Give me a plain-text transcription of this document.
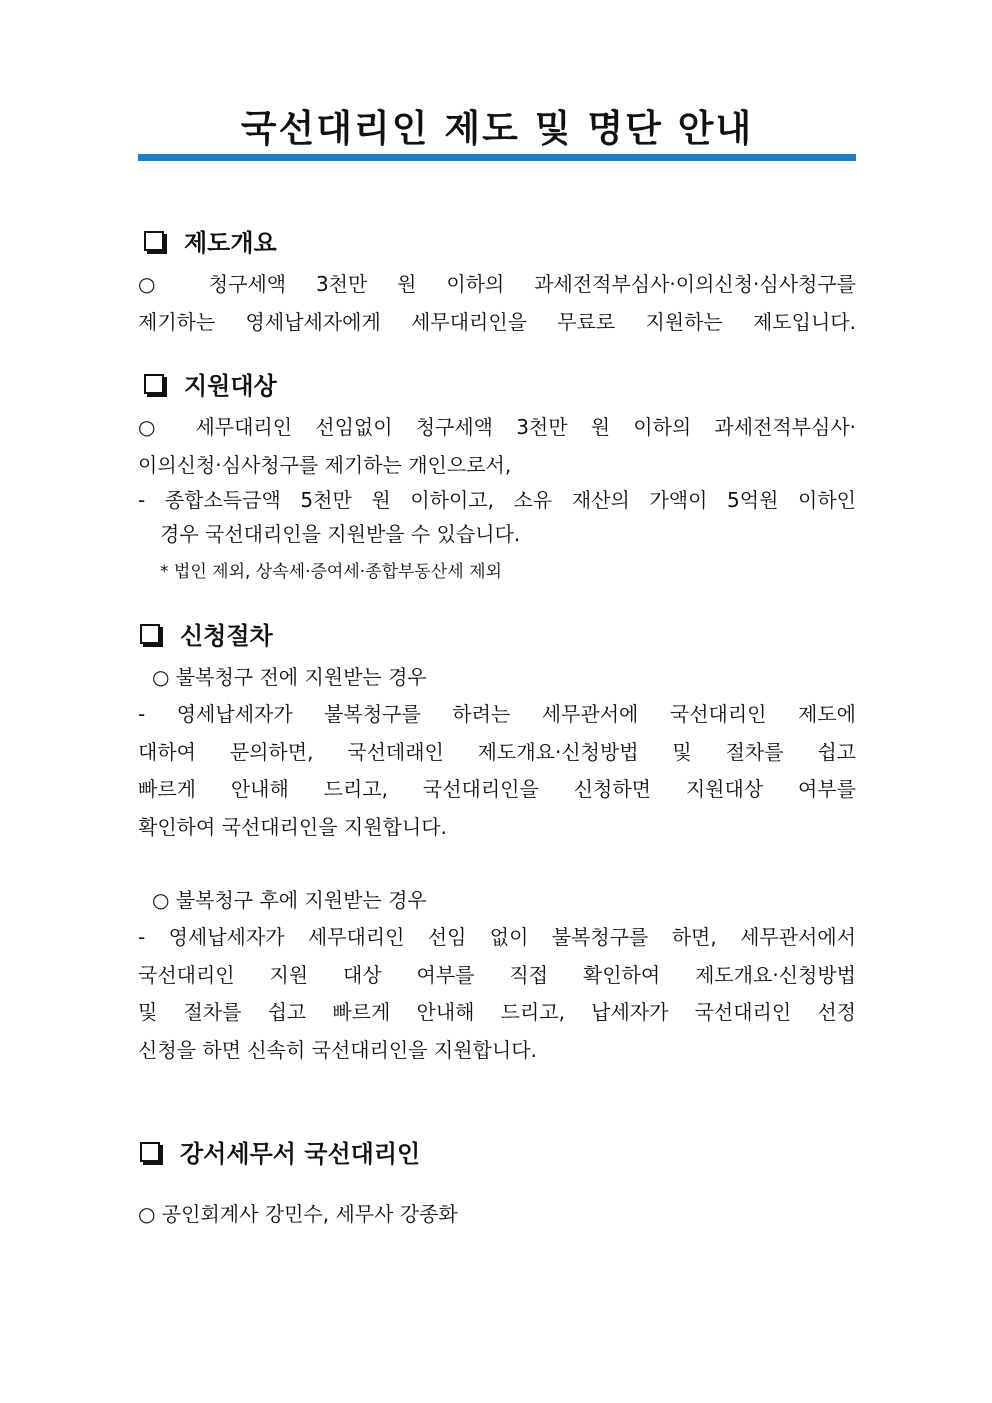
국선대리인 제도 및 명단 안내
제도개요
○ 청구세액 3천만 원 이하의 과세전적부심사·이의신청·심사청구를
제기하는 영세납세자에게 세무대리인을 무료로 지원하는 제도입니다.
지원대상
○ 세무대리인 선임없이 청구세액 3천만 원 이하의 과세전적부심사·
이의신청·심사청구를 제기하는 개인으로서,
- 종합소득금액 5천만 원 이하이고, 소유 재산의 가액이 5억원 이하인
경우 국선대리인을 지원받을 수 있습니다.
* 법인 제외, 상속세·증여세·종합부동산세 제외
신청절차
○ 불복청구 전에 지원받는 경우
- 영세납세자가 불복청구를 하려는 세무관서에 국선대리인 제도에
대하여 문의하면, 국선데래인 제도개요·신청방법 및 절차를 쉽고
빠르게 안내해 드리고, 국선대리인을 신청하면 지원대상 여부를
확인하여 국선대리인을 지원합니다.
○ 불복청구 후에 지원받는 경우
- 영세납세자가 세무대리인 선임 없이 불복청구를 하면, 세무관서에서
국선대리인 지원 대상 여부를 직접 확인하여 제도개요·신청방법
및 절차를 쉽고 빠르게 안내해 드리고, 납세자가 국선대리인 선정
신청을 하면 신속히 국선대리인을 지원합니다.
강서세무서 국선대리인
○ 공인회계사 강민수, 세무사 강종화
